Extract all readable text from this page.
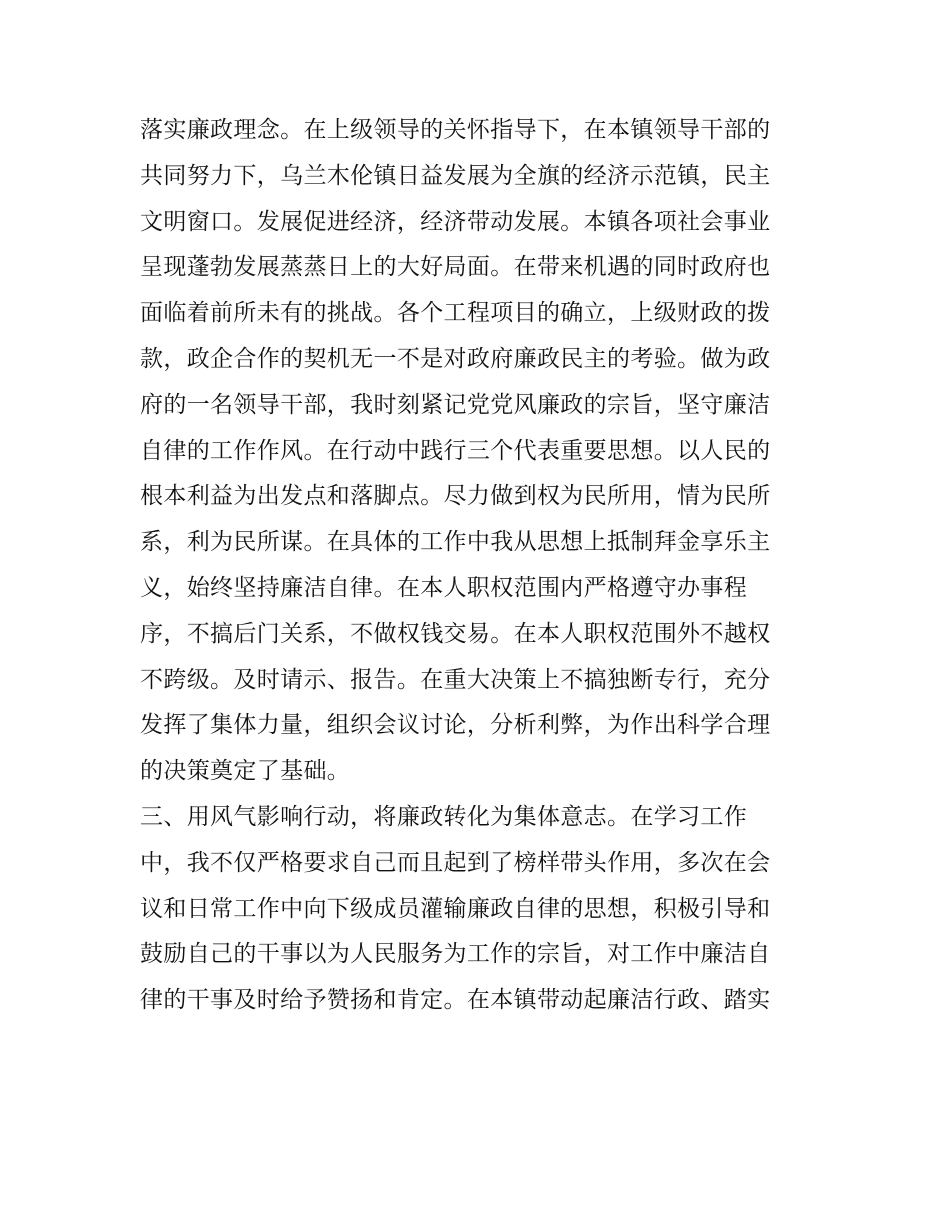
落实廉政理念。在上级领导的关怀指导下，在本镇领导干部的
共同努力下，乌兰木伦镇日益发展为全旗的经济示范镇，民主
文明窗口。发展促进经济，经济带动发展。本镇各项社会事业
呈现蓬勃发展蒸蒸日上的大好局面。在带来机遇的同时政府也
面临着前所未有的挑战。各个工程项目的确立，上级财政的拨
款，政企合作的契机无一不是对政府廉政民主的考验。做为政
府的一名领导干部，我时刻紧记党党风廉政的宗旨，坚守廉洁
自律的工作作风。在行动中践行三个代表重要思想。以人民的
根本利益为出发点和落脚点。尽力做到权为民所用，情为民所
系，利为民所谋。在具体的工作中我从思想上抵制拜金享乐主
义，始终坚持廉洁自律。在本人职权范围内严格遵守办事程
序，不搞后门关系，不做权钱交易。在本人职权范围外不越权
不跨级。及时请示、报告。在重大决策上不搞独断专行，充分
发挥了集体力量，组织会议讨论，分析利弊，为作出科学合理
的决策奠定了基础。
三、用风气影响行动，将廉政转化为集体意志。在学习工作
中，我不仅严格要求自己而且起到了榜样带头作用，多次在会
议和日常工作中向下级成员灌输廉政自律的思想，积极引导和
鼓励自己的干事以为人民服务为工作的宗旨，对工作中廉洁自
律的干事及时给予赞扬和肯定。在本镇带动起廉洁行政、踏实
